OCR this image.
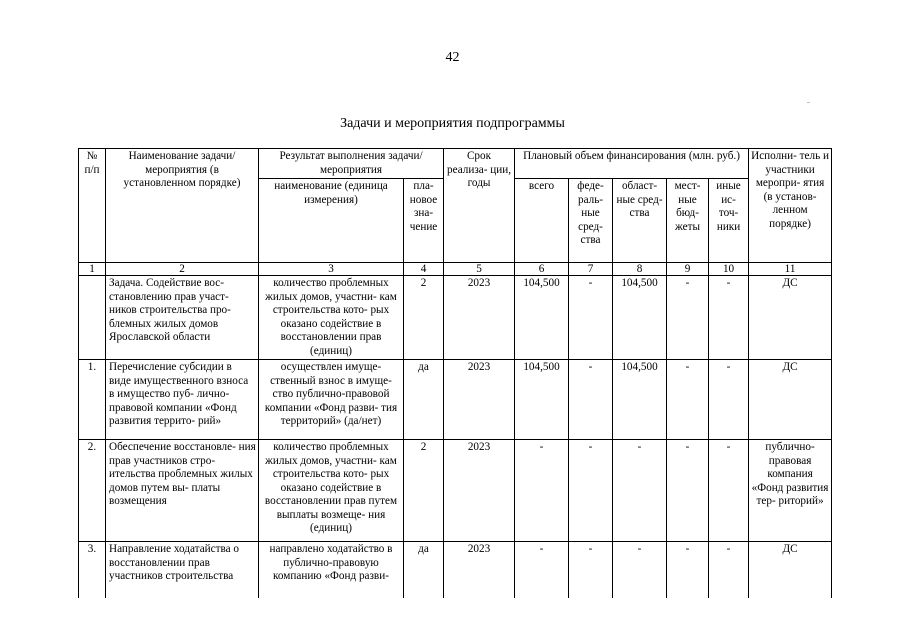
42
Задачи и мероприятия подпрограммы
№ п/п	Наименование задачи/мероприятия (в установленном порядке)	Результат выполнения задачи/мероприятия		Срок реализа- ции, годы	Плановый объем финансирования (млн. руб.)					Исполни- тель и участники меропри- ятия (в установ- ленном порядке)
		наименование (единица измерения)	пла- новое зна- чение		всего	феде- раль- ные сред- ства	област- ные сред- ства	мест- ные бюд- жеты	иные ис- точ- ники	
1	2	3	4	5	6	7	8	9	10	11
	Задача. Содействие вос- становлению прав участ- ников строительства про- блемных жилых домов Ярославской области	количество проблемных жилых домов, участни- кам строительства кото- рых оказано содействие в восстановлении прав (единиц)	2	2023	104,500	-	104,500	-	-	ДС
1.	Перечисление субсидии в виде имущественного взноса в имущество пуб- лично-правовой компании «Фонд развития террито- рий»	осуществлен имуще- ственный взнос в имуще- ство публично-правовой компании «Фонд разви- тия территорий» (да/нет)	да	2023	104,500	-	104,500	-	-	ДС
2.	Обеспечение восстановле- ния прав участников стро- ительства проблемных жилых домов путем вы- платы возмещения	количество проблемных жилых домов, участни- кам строительства кото- рых оказано содействие в восстановлении прав путем выплаты возмеще- ния (единиц)	2	2023	-	-	-	-	-	публично- правовая компания «Фонд развития тер- риторий»
3.	Направление ходатайства о восстановлении прав участников строительства	направлено ходатайство в публично-правовую компанию «Фонд разви-	да	2023	-	-	-	-	-	ДС
